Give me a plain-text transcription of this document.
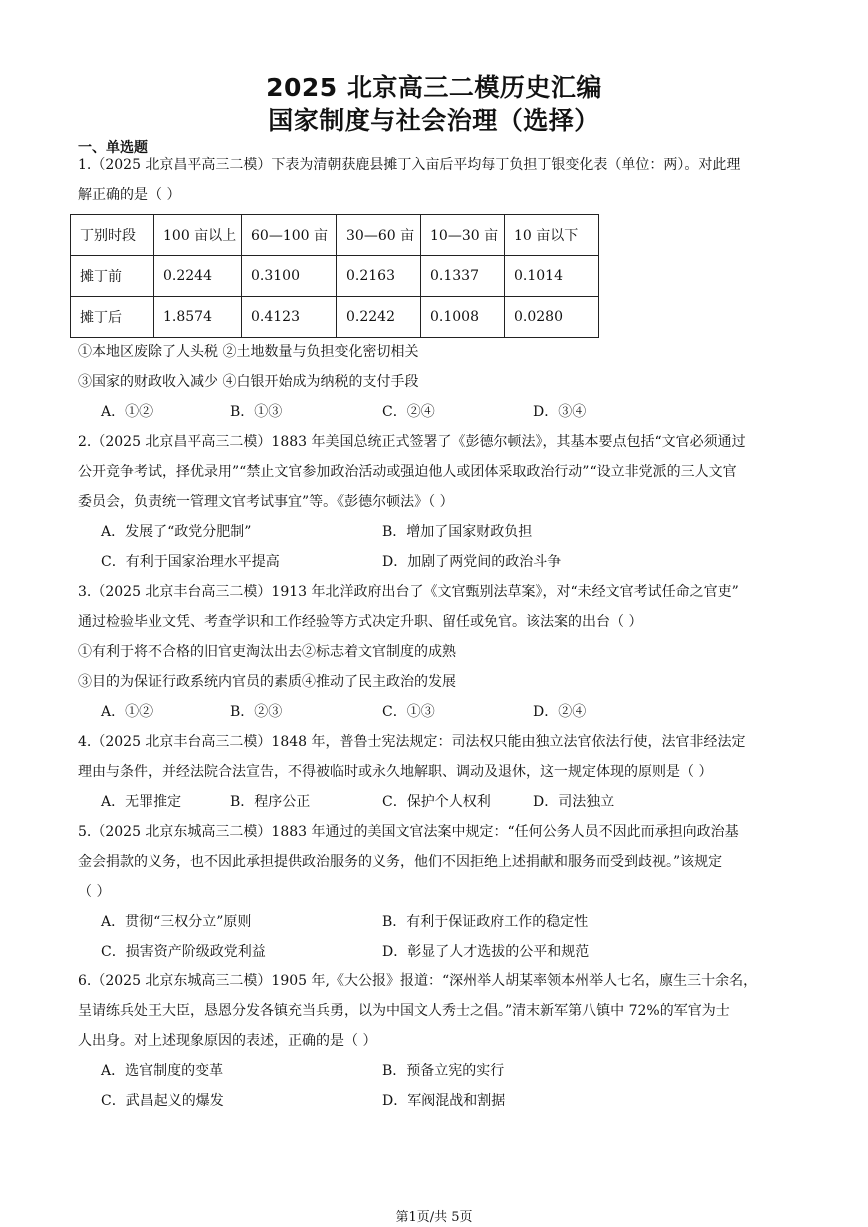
2025 北京高三二模历史汇编
国家制度与社会治理（选择）
一、单选题
1.（2025 北京昌平高三二模）下表为清朝获鹿县摊丁入亩后平均每丁负担丁银变化表（单位：两）。对此理
解正确的是（ ）
丁别时段	100 亩以上	60—100 亩	30—60 亩	10—30 亩	10 亩以下
摊丁前	0.2244	0.3100	0.2163	0.1337	0.1014
摊丁后	1.8574	0.4123	0.2242	0.1008	0.0280
①本地区废除了人头税 ②土地数量与负担变化密切相关
③国家的财政收入减少 ④白银开始成为纳税的支付手段
A．①②	B．①③	C．②④	D．③④
2.（2025 北京昌平高三二模）1883 年美国总统正式签署了《彭德尔顿法》，其基本要点包括“文官必须通过
公开竞争考试，择优录用”“禁止文官参加政治活动或强迫他人或团体采取政治行动”“设立非党派的三人文官
委员会，负责统一管理文官考试事宜”等。《彭德尔顿法》（ ）
A．发展了“政党分肥制”	B．增加了国家财政负担
C．有利于国家治理水平提高	D．加剧了两党间的政治斗争
3.（2025 北京丰台高三二模）1913 年北洋政府出台了《文官甄别法草案》，对“未经文官考试任命之官吏”
通过检验毕业文凭、考查学识和工作经验等方式决定升职、留任或免官。该法案的出台（ ）
①有利于将不合格的旧官吏淘汰出去②标志着文官制度的成熟
③目的为保证行政系统内官员的素质④推动了民主政治的发展
A．①②	B．②③	C．①③	D．②④
4.（2025 北京丰台高三二模）1848 年，普鲁士宪法规定：司法权只能由独立法官依法行使，法官非经法定
理由与条件，并经法院合法宣告，不得被临时或永久地解职、调动及退休，这一规定体现的原则是（ ）
A．无罪推定	B．程序公正	C．保护个人权利	D．司法独立
5.（2025 北京东城高三二模）1883 年通过的美国文官法案中规定：“任何公务人员不因此而承担向政治基
金会捐款的义务，也不因此承担提供政治服务的义务，他们不因拒绝上述捐献和服务而受到歧视。”该规定
（ ）
A．贯彻“三权分立”原则	B．有利于保证政府工作的稳定性
C．损害资产阶级政党利益	D．彰显了人才选拔的公平和规范
6.（2025 北京东城高三二模）1905 年,《大公报》报道：“深州举人胡某率领本州举人七名，廪生三十余名，
呈请练兵处王大臣，恳恩分发各镇充当兵勇，以为中国文人秀士之倡。”清末新军第八镇中 72%的军官为士
人出身。对上述现象原因的表述，正确的是（ ）
A．选官制度的变革	B．预备立宪的实行
C．武昌起义的爆发	D．军阀混战和割据
第1页/共 5页
